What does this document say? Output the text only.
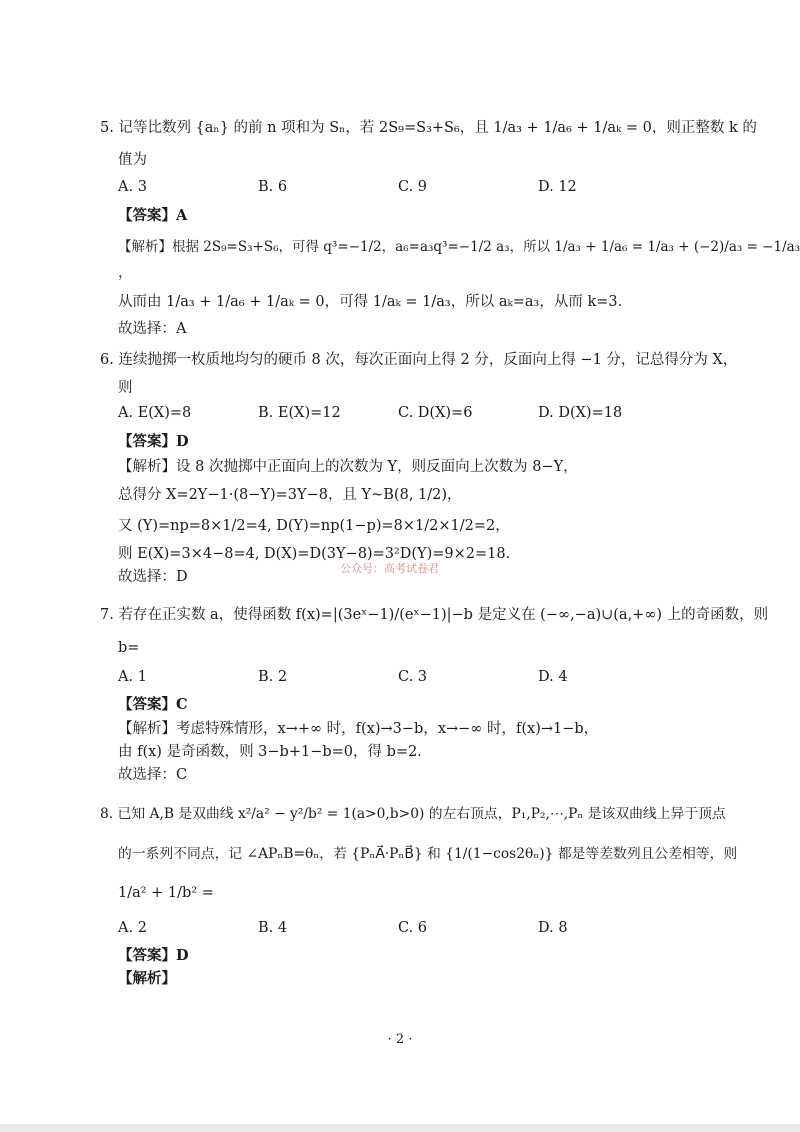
5. 记等比数列 {aₙ} 的前 n 项和为 Sₙ，若 2S₉=S₃+S₆，且 1/a₃ + 1/a₆ + 1/aₖ = 0，则正整数 k 的
值为
A. 3	B. 6	C. 9	D. 12
【答案】A
【解析】根据 2S₉=S₃+S₆，可得 q³=−1/2，a₆=a₃q³=−1/2 a₃，所以 1/a₃ + 1/a₆ = 1/a₃ + (−2)/a₃ = −1/a₃
，
从而由 1/a₃ + 1/a₆ + 1/aₖ = 0，可得 1/aₖ = 1/a₃，所以 aₖ=a₃，从而 k=3．
故选择：A
6. 连续抛掷一枚质地均匀的硬币 8 次，每次正面向上得 2 分，反面向上得 −1 分，记总得分为 X，
则
A. E(X)=8	B. E(X)=12	C. D(X)=6	D. D(X)=18
【答案】D
【解析】设 8 次抛掷中正面向上的次数为 Y，则反面向上次数为 8−Y，
总得分 X=2Y−1·(8−Y)=3Y−8，且 Y~B(8, 1/2)，
又 (Y)=np=8×1/2=4, D(Y)=np(1−p)=8×1/2×1/2=2，
则 E(X)=3×4−8=4, D(X)=D(3Y−8)=3²D(Y)=9×2=18．
公众号：高考试卷君
故选择：D
7. 若存在正实数 a，使得函数 f(x)=|(3eˣ−1)/(eˣ−1)|−b 是定义在 (−∞,−a)∪(a,+∞) 上的奇函数，则
b=
A. 1	B. 2	C. 3	D. 4
【答案】C
【解析】考虑特殊情形，x→+∞ 时，f(x)→3−b，x→−∞ 时，f(x)→1−b，
由 f(x) 是奇函数，则 3−b+1−b=0，得 b=2．
故选择：C
8. 已知 A,B 是双曲线 x²/a² − y²/b² = 1(a>0,b>0) 的左右顶点，P₁,P₂,⋯,Pₙ 是该双曲线上异于顶点
的一系列不同点，记 ∠APₙB=θₙ，若 {PₙA⃗·PₙB⃗} 和 {1/(1−cos2θₙ)} 都是等差数列且公差相等，则
1/a² + 1/b² =
A. 2	B. 4	C. 6	D. 8
【答案】D
【解析】
· 2 ·
